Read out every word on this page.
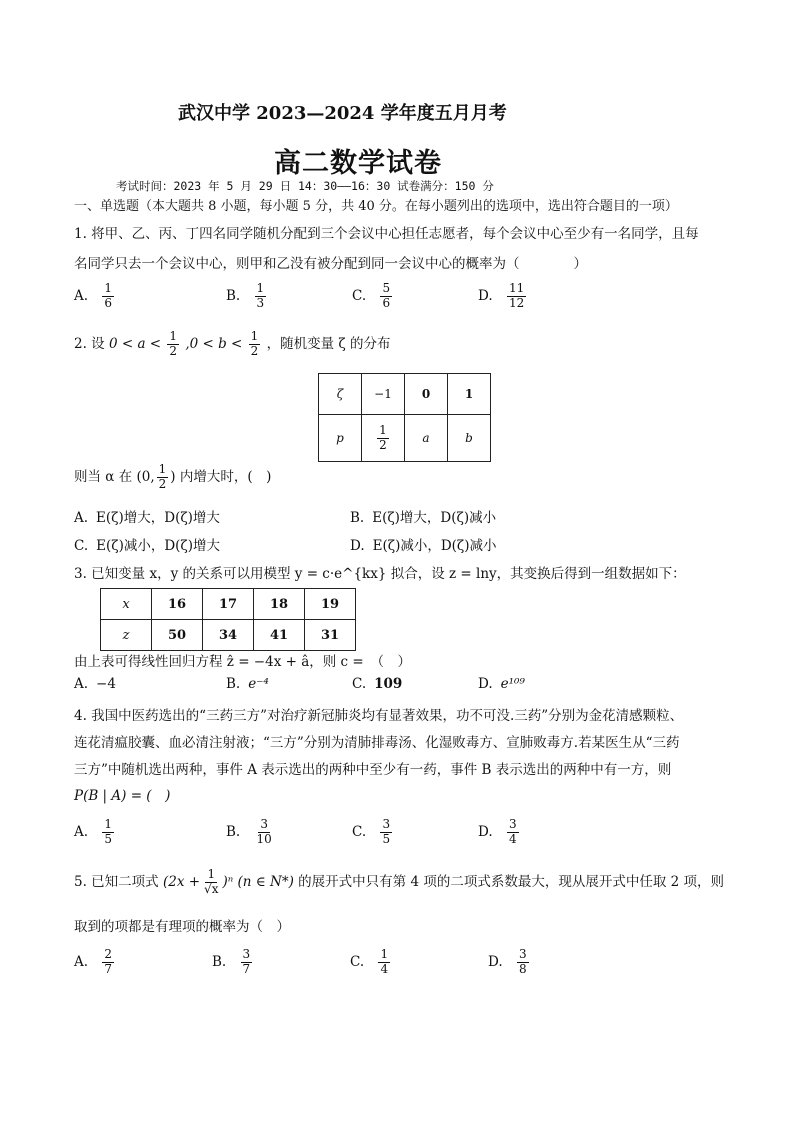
武汉中学 2023—2024 学年度五月月考
高二数学试卷
考试时间：2023 年 5 月 29 日 14：30——16：30 试卷满分：150 分
一、单选题（本大题共 8 小题，每小题 5 分，共 40 分。在每小题列出的选项中，选出符合题目的一项）
1. 将甲、乙、丙、丁四名同学随机分配到三个会议中心担任志愿者，每个会议中心至少有一名同学，且每
名同学只去一个会议中心，则甲和乙没有被分配到同一会议中心的概率为（　　　　）
A. $\frac{1}{6}$	B. $\frac{1}{3}$	C. $\frac{5}{6}$	D. $\frac{11}{12}$
2. 设 $0 < a < \frac{1}{2} ,0 < b < \frac{1}{2}$ ，随机变量 ζ 的分布
ζ	−1	0	1
p	$\frac{1}{2}$	a	b
则当 α 在 (0, $\frac{1}{2}$ ) 内增大时，(　)
A. E(ζ)增大，D(ζ)增大	B. E(ζ)增大，D(ζ)减小
C. E(ζ)减小，D(ζ)增大	D. E(ζ)减小，D(ζ)减小
3. 已知变量 x，y 的关系可以用模型 y = c·e^{kx} 拟合，设 z = lny，其变换后得到一组数据如下：
x	16	17	18	19
z	50	34	41	31
由上表可得线性回归方程 ẑ = −4x + â，则 c =　（　）
A. −4	B. e⁻⁴	C. 109	D. e¹⁰⁹
4. 我国中医药选出的“三药三方”对治疗新冠肺炎均有显著效果，功不可没.三药”分别为金花清感颗粒、
连花清瘟胶囊、血必清注射液；“三方”分别为清肺排毒汤、化湿败毒方、宣肺败毒方.若某医生从“三药
三方”中随机选出两种，事件 A 表示选出的两种中至少有一药，事件 B 表示选出的两种中有一方，则
P(B | A) = (　)
A. $\frac{1}{5}$	B. $\frac{3}{10}$	C. $\frac{3}{5}$	D. $\frac{3}{4}$
5. 已知二项式 $(2x + \frac{1}{√x} )^n$ (n ∈ N*) 的展开式中只有第 4 项的二项式系数最大，现从展开式中任取 2 项，则
取到的项都是有理项的概率为（　）
A. $\frac{2}{7}$	B. $\frac{3}{7}$	C. $\frac{1}{4}$	D. $\frac{3}{8}$
